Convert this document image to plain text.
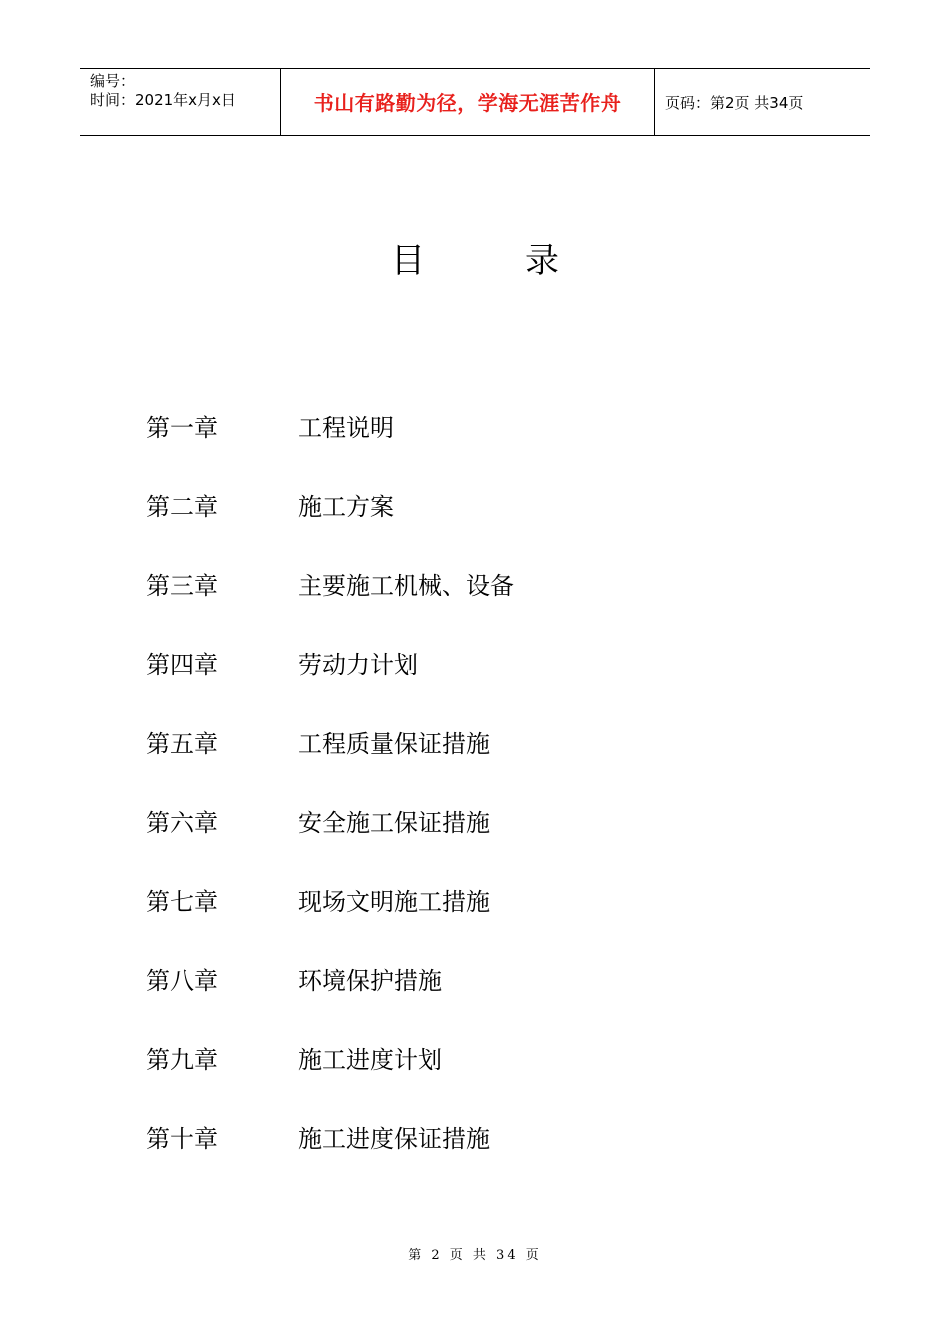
编号：
时间：2021年x月x日	书山有路勤为径，学海无涯苦作舟	页码：第2页 共34页
目录
第一章	工程说明
第二章	施工方案
第三章	主要施工机械、设备
第四章	劳动力计划
第五章	工程质量保证措施
第六章	安全施工保证措施
第七章	现场文明施工措施
第八章	环境保护措施
第九章	施工进度计划
第十章	施工进度保证措施
第 2 页 共 34 页
